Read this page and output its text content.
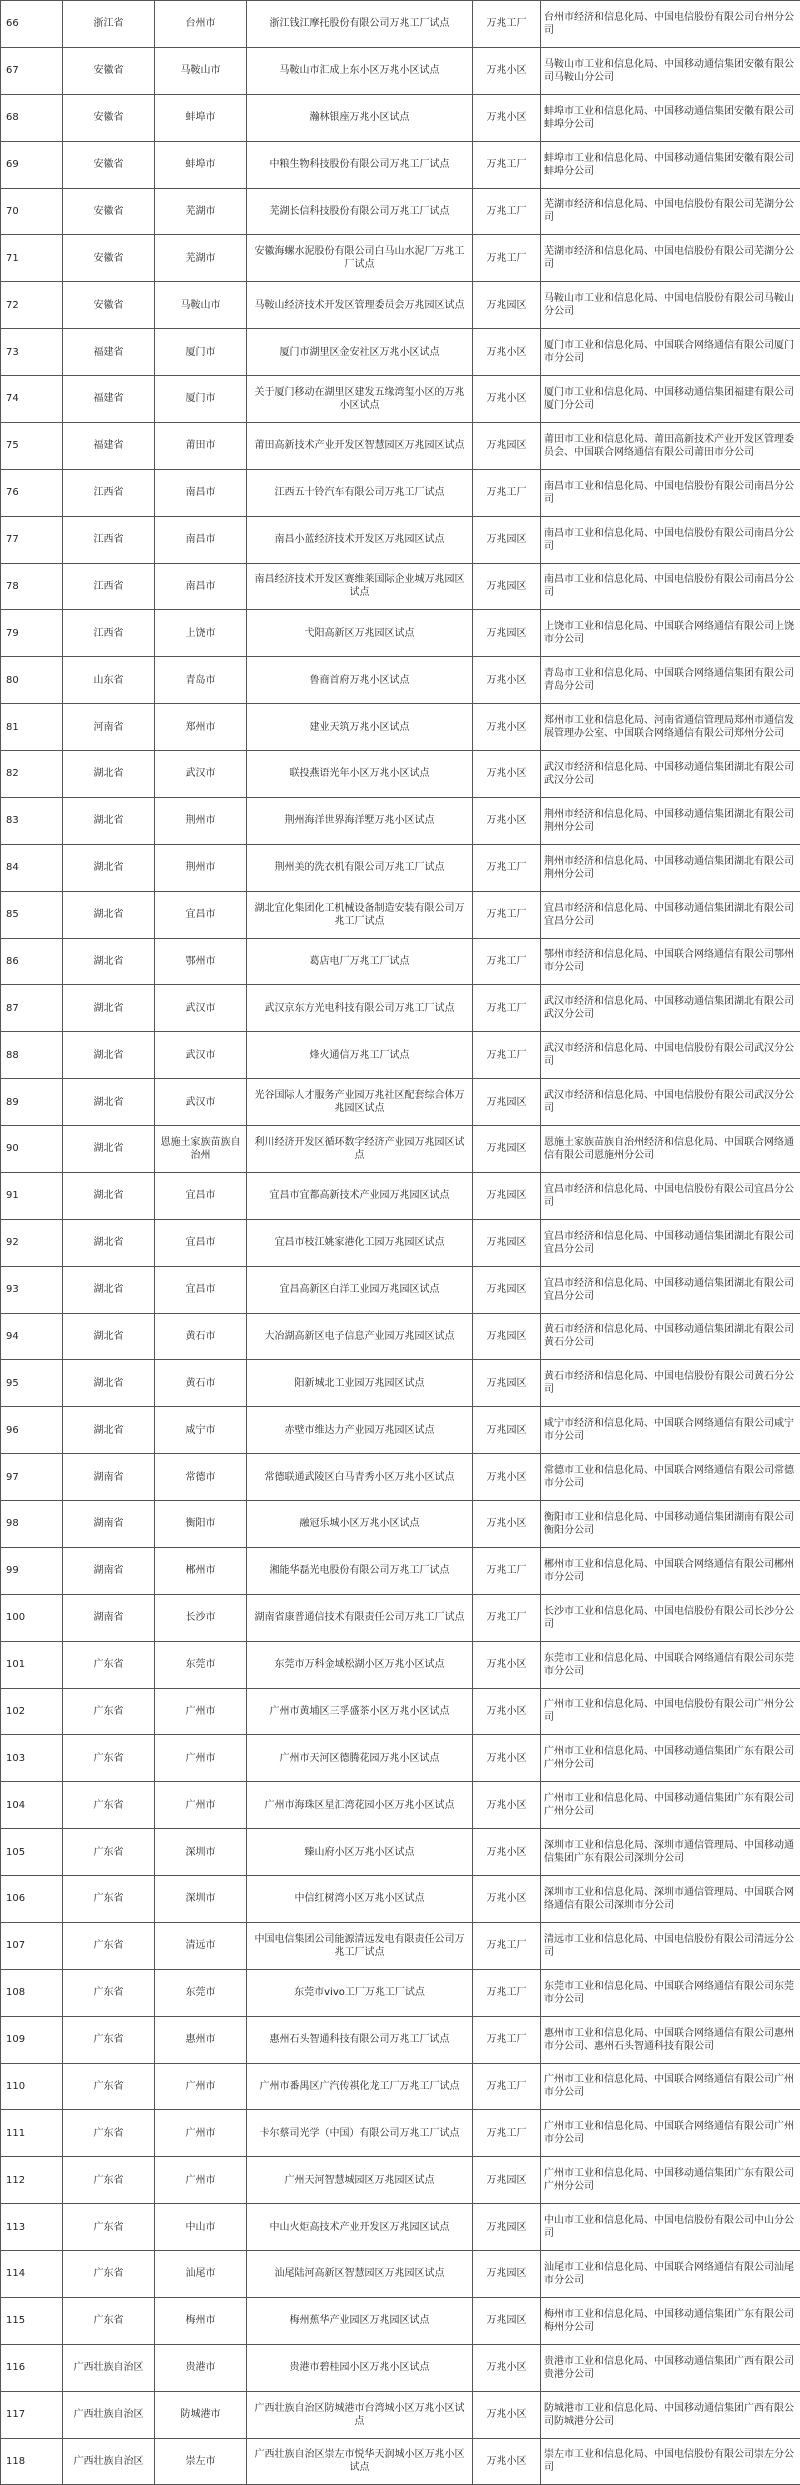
66	浙江省	台州市	浙江钱江摩托股份有限公司万兆工厂试点	万兆工厂	台州市经济和信息化局、中国电信股份有限公司台州分公司
67	安徽省	马鞍山市	马鞍山市汇成上东小区万兆小区试点	万兆小区	马鞍山市工业和信息化局、中国移动通信集团安徽有限公司马鞍山分公司
68	安徽省	蚌埠市	瀚林银座万兆小区试点	万兆小区	蚌埠市工业和信息化局、中国移动通信集团安徽有限公司蚌埠分公司
69	安徽省	蚌埠市	中粮生物科技股份有限公司万兆工厂试点	万兆工厂	蚌埠市工业和信息化局、中国移动通信集团安徽有限公司蚌埠分公司
70	安徽省	芜湖市	芜湖长信科技股份有限公司万兆工厂试点	万兆工厂	芜湖市经济和信息化局、中国电信股份有限公司芜湖分公司
71	安徽省	芜湖市	安徽海螺水泥股份有限公司白马山水泥厂万兆工厂试点	万兆工厂	芜湖市经济和信息化局、中国电信股份有限公司芜湖分公司
72	安徽省	马鞍山市	马鞍山经济技术开发区管理委员会万兆园区试点	万兆园区	马鞍山市工业和信息化局、中国电信股份有限公司马鞍山分公司
73	福建省	厦门市	厦门市湖里区金安社区万兆小区试点	万兆小区	厦门市工业和信息化局、中国联合网络通信有限公司厦门市分公司
74	福建省	厦门市	关于厦门移动在湖里区建发五缘湾玺小区的万兆小区试点	万兆小区	厦门市工业和信息化局、中国移动通信集团福建有限公司厦门分公司
75	福建省	莆田市	莆田高新技术产业开发区智慧园区万兆园区试点	万兆园区	莆田市工业和信息化局、莆田高新技术产业开发区管理委员会、中国联合网络通信有限公司莆田市分公司
76	江西省	南昌市	江西五十铃汽车有限公司万兆工厂试点	万兆工厂	南昌市工业和信息化局、中国电信股份有限公司南昌分公司
77	江西省	南昌市	南昌小蓝经济技术开发区万兆园区试点	万兆园区	南昌市工业和信息化局、中国电信股份有限公司南昌分公司
78	江西省	南昌市	南昌经济技术开发区赛维莱国际企业城万兆园区试点	万兆园区	南昌市工业和信息化局、中国电信股份有限公司南昌分公司
79	江西省	上饶市	弋阳高新区万兆园区试点	万兆园区	上饶市工业和信息化局、中国联合网络通信有限公司上饶市分公司
80	山东省	青岛市	鲁商首府万兆小区试点	万兆小区	青岛市工业和信息化局、中国联合网络通信集团有限公司青岛分公司
81	河南省	郑州市	建业天筑万兆小区试点	万兆小区	郑州市工业和信息化局、河南省通信管理局郑州市通信发展管理办公室、中国联合网络通信有限公司郑州分公司
82	湖北省	武汉市	联投燕语光年小区万兆小区试点	万兆小区	武汉市经济和信息化局、中国移动通信集团湖北有限公司武汉分公司
83	湖北省	荆州市	荆州海洋世界海洋墅万兆小区试点	万兆小区	荆州市经济和信息化局、中国移动通信集团湖北有限公司荆州分公司
84	湖北省	荆州市	荆州美的洗衣机有限公司万兆工厂试点	万兆工厂	荆州市经济和信息化局、中国移动通信集团湖北有限公司荆州分公司
85	湖北省	宜昌市	湖北宜化集团化工机械设备制造安装有限公司万兆工厂试点	万兆工厂	宜昌市经济和信息化局、中国移动通信集团湖北有限公司宜昌分公司
86	湖北省	鄂州市	葛店电厂万兆工厂试点	万兆工厂	鄂州市经济和信息化局、中国联合网络通信有限公司鄂州市分公司
87	湖北省	武汉市	武汉京东方光电科技有限公司万兆工厂试点	万兆工厂	武汉市经济和信息化局、中国移动通信集团湖北有限公司武汉分公司
88	湖北省	武汉市	烽火通信万兆工厂试点	万兆工厂	武汉市经济和信息化局、中国电信股份有限公司武汉分公司
89	湖北省	武汉市	光谷国际人才服务产业园万兆社区配套综合体万兆园区试点	万兆园区	武汉市经济和信息化局、中国电信股份有限公司武汉分公司
90	湖北省	恩施土家族苗族自治州	利川经济开发区循环数字经济产业园万兆园区试点	万兆园区	恩施土家族苗族自治州经济和信息化局、中国联合网络通信有限公司恩施州分公司
91	湖北省	宜昌市	宜昌市宜都高新技术产业园万兆园区试点	万兆园区	宜昌市经济和信息化局、中国电信股份有限公司宜昌分公司
92	湖北省	宜昌市	宜昌市枝江姚家港化工园万兆园区试点	万兆园区	宜昌市经济和信息化局、中国移动通信集团湖北有限公司宜昌分公司
93	湖北省	宜昌市	宜昌高新区白洋工业园万兆园区试点	万兆园区	宜昌市经济和信息化局、中国移动通信集团湖北有限公司宜昌分公司
94	湖北省	黄石市	大冶湖高新区电子信息产业园万兆园区试点	万兆园区	黄石市经济和信息化局、中国移动通信集团湖北有限公司黄石分公司
95	湖北省	黄石市	阳新城北工业园万兆园区试点	万兆园区	黄石市经济和信息化局、中国电信股份有限公司黄石分公司
96	湖北省	咸宁市	赤壁市维达力产业园万兆园区试点	万兆园区	咸宁市经济和信息化局、中国联合网络通信有限公司咸宁市分公司
97	湖南省	常德市	常德联通武陵区白马青秀小区万兆小区试点	万兆小区	常德市工业和信息化局、中国联合网络通信有限公司常德市分公司
98	湖南省	衡阳市	融冠乐城小区万兆小区试点	万兆小区	衡阳市工业和信息化局、中国移动通信集团湖南有限公司衡阳分公司
99	湖南省	郴州市	湘能华磊光电股份有限公司万兆工厂试点	万兆工厂	郴州市工业和信息化局、中国联合网络通信有限公司郴州市分公司
100	湖南省	长沙市	湖南省康普通信技术有限责任公司万兆工厂试点	万兆工厂	长沙市工业和信息化局、中国电信股份有限公司长沙分公司
101	广东省	东莞市	东莞市万科金域松湖小区万兆小区试点	万兆小区	东莞市工业和信息化局、中国联合网络通信有限公司东莞市分公司
102	广东省	广州市	广州市黄埔区三孚盛茶小区万兆小区试点	万兆小区	广州市工业和信息化局、中国电信股份有限公司广州分公司
103	广东省	广州市	广州市天河区德腾花园万兆小区试点	万兆小区	广州市工业和信息化局、中国移动通信集团广东有限公司广州分公司
104	广东省	广州市	广州市海珠区星汇湾花园小区万兆小区试点	万兆小区	广州市工业和信息化局、中国移动通信集团广东有限公司广州分公司
105	广东省	深圳市	臻山府小区万兆小区试点	万兆小区	深圳市工业和信息化局、深圳市通信管理局、中国移动通信集团广东有限公司深圳分公司
106	广东省	深圳市	中信红树湾小区万兆小区试点	万兆小区	深圳市工业和信息化局、深圳市通信管理局、中国联合网络通信有限公司深圳市分公司
107	广东省	清远市	中国电信集团公司能源清远发电有限责任公司万兆工厂试点	万兆工厂	清远市工业和信息化局、中国电信股份有限公司清远分公司
108	广东省	东莞市	东莞市vivo工厂万兆工厂试点	万兆工厂	东莞市工业和信息化局、中国联合网络通信有限公司东莞市分公司
109	广东省	惠州市	惠州石头智通科技有限公司万兆工厂试点	万兆工厂	惠州市工业和信息化局、中国联合网络通信有限公司惠州市分公司、惠州石头智通科技有限公司
110	广东省	广州市	广州市番禺区广汽传祺化龙工厂万兆工厂试点	万兆工厂	广州市工业和信息化局、中国联合网络通信有限公司广州市分公司
111	广东省	广州市	卡尔蔡司光学（中国）有限公司万兆工厂试点	万兆工厂	广州市工业和信息化局、中国联合网络通信有限公司广州市分公司
112	广东省	广州市	广州天河智慧城园区万兆园区试点	万兆园区	广州市工业和信息化局、中国移动通信集团广东有限公司广州分公司
113	广东省	中山市	中山火炬高技术产业开发区万兆园区试点	万兆园区	中山市工业和信息化局、中国电信股份有限公司中山分公司
114	广东省	汕尾市	汕尾陆河高新区智慧园区万兆园区试点	万兆园区	汕尾市工业和信息化局、中国联合网络通信有限公司汕尾市分公司
115	广东省	梅州市	梅州蕉华产业园区万兆园区试点	万兆园区	梅州市工业和信息化局、中国移动通信集团广东有限公司梅州分公司
116	广西壮族自治区	贵港市	贵港市碧桂园小区万兆小区试点	万兆小区	贵港市工业和信息化局、中国移动通信集团广西有限公司贵港分公司
117	广西壮族自治区	防城港市	广西壮族自治区防城港市台湾城小区万兆小区试点	万兆小区	防城港市工业和信息化局、中国移动通信集团广西有限公司防城港分公司
118	广西壮族自治区	崇左市	广西壮族自治区崇左市悦华天润城小区万兆小区试点	万兆小区	崇左市工业和信息化局、中国电信股份有限公司崇左分公司
